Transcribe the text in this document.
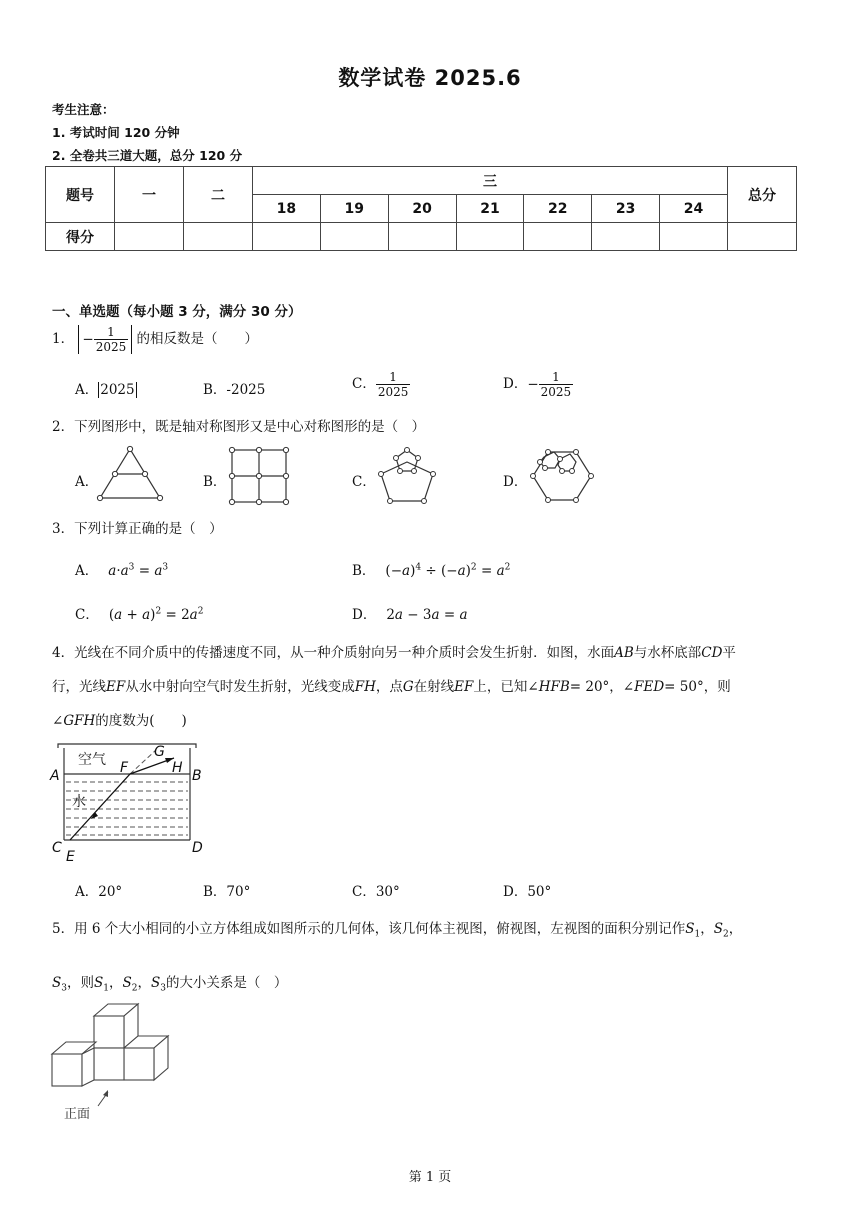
数学试卷 2025.6
考生注意：
1. 考试时间 120 分钟
2. 全卷共三道大题，总分 120 分
题号	一	二	三							总分
			18	19	20	21	22	23	24	
得分										
一、单选题（每小题 3 分，满分 30 分）
1． − $\frac{1}{2025}$ 的相反数是（　　）
A． 2025	B．-2025	C． $\frac{1}{2025}$	D．− $\frac{1}{2025}$
2．下列图形中，既是轴对称图形又是中心对称图形的是（　）
A．	B．	C．	D．
3．下列计算正确的是（　）
A． $a\cdot a^3 = a^3$	B． $(-a)^4 \div (-a)^2 = a^2$
C． $(a + a)^2 = 2a^2$	D． 2a − 3a = a
4．光线在不同介质中的传播速度不同，从一种介质射向另一种介质时会发生折射．如图，水面AB与水杯底部CD平
行，光线EF从水中射向空气时发生折射，光线变成FH，点G在射线EF上，已知∠HFB= 20°，∠FED= 50°，则
∠GFH的度数为(　　)
空气
水
A	B
C	D
E
F
G
H
A．20°	B．70°	C．30°	D．50°
5．用 6 个大小相同的小立方体组成如图所示的几何体，该几何体主视图，俯视图，左视图的面积分别记作$S_1$，$S_2$，
$S_3$，则$S_1$，$S_2$，$S_3$的大小关系是（　）
正面
第 1 页
